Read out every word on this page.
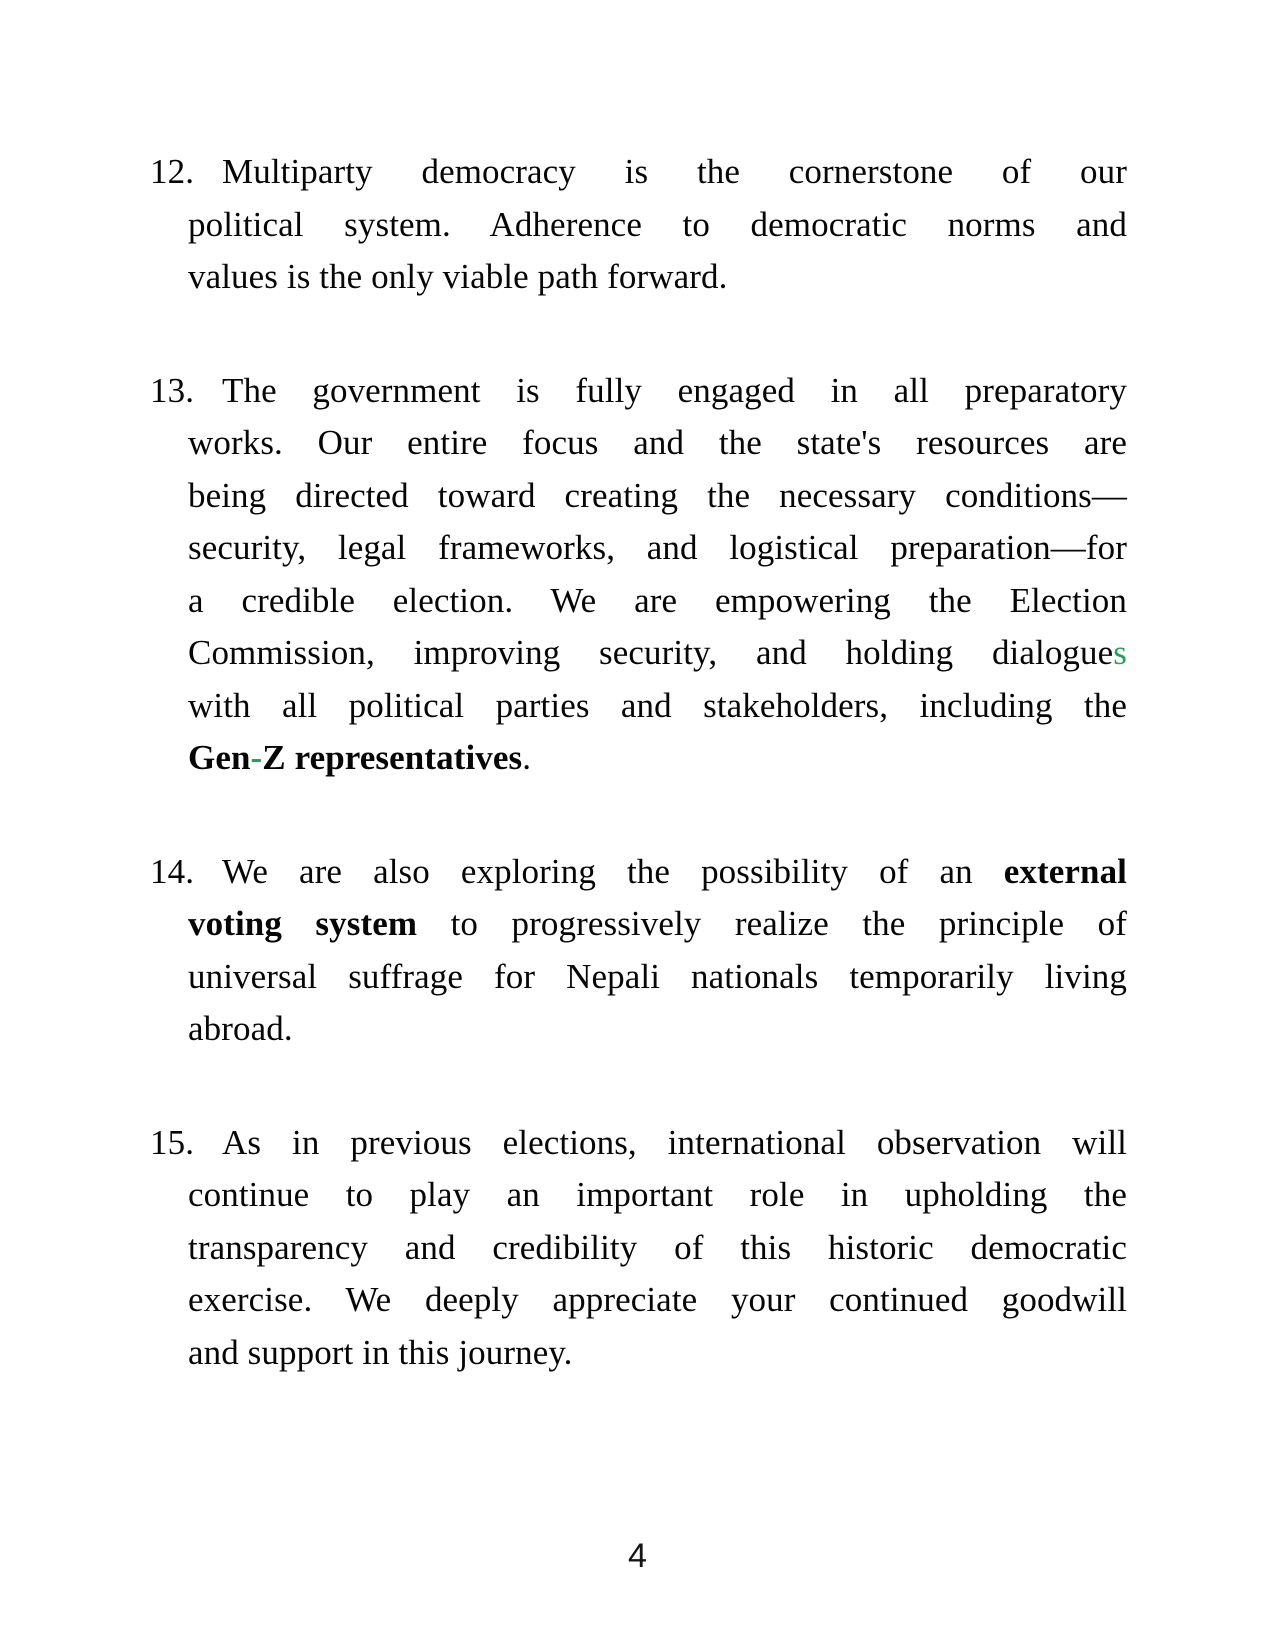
12. Multiparty democracy is the cornerstone of our
political system. Adherence to democratic norms and
values is the only viable path forward.
13. The government is fully engaged in all preparatory
works. Our entire focus and the state's resources are
being directed toward creating the necessary conditions—
security, legal frameworks, and logistical preparation—for
a credible election. We are empowering the Election
Commission, improving security, and holding dialogues
with all political parties and stakeholders, including the
Gen-Z representatives.
14. We are also exploring the possibility of an external
voting system to progressively realize the principle of
universal suffrage for Nepali nationals temporarily living
abroad.
15. As in previous elections, international observation will
continue to play an important role in upholding the
transparency and credibility of this historic democratic
exercise. We deeply appreciate your continued goodwill
and support in this journey.
4
